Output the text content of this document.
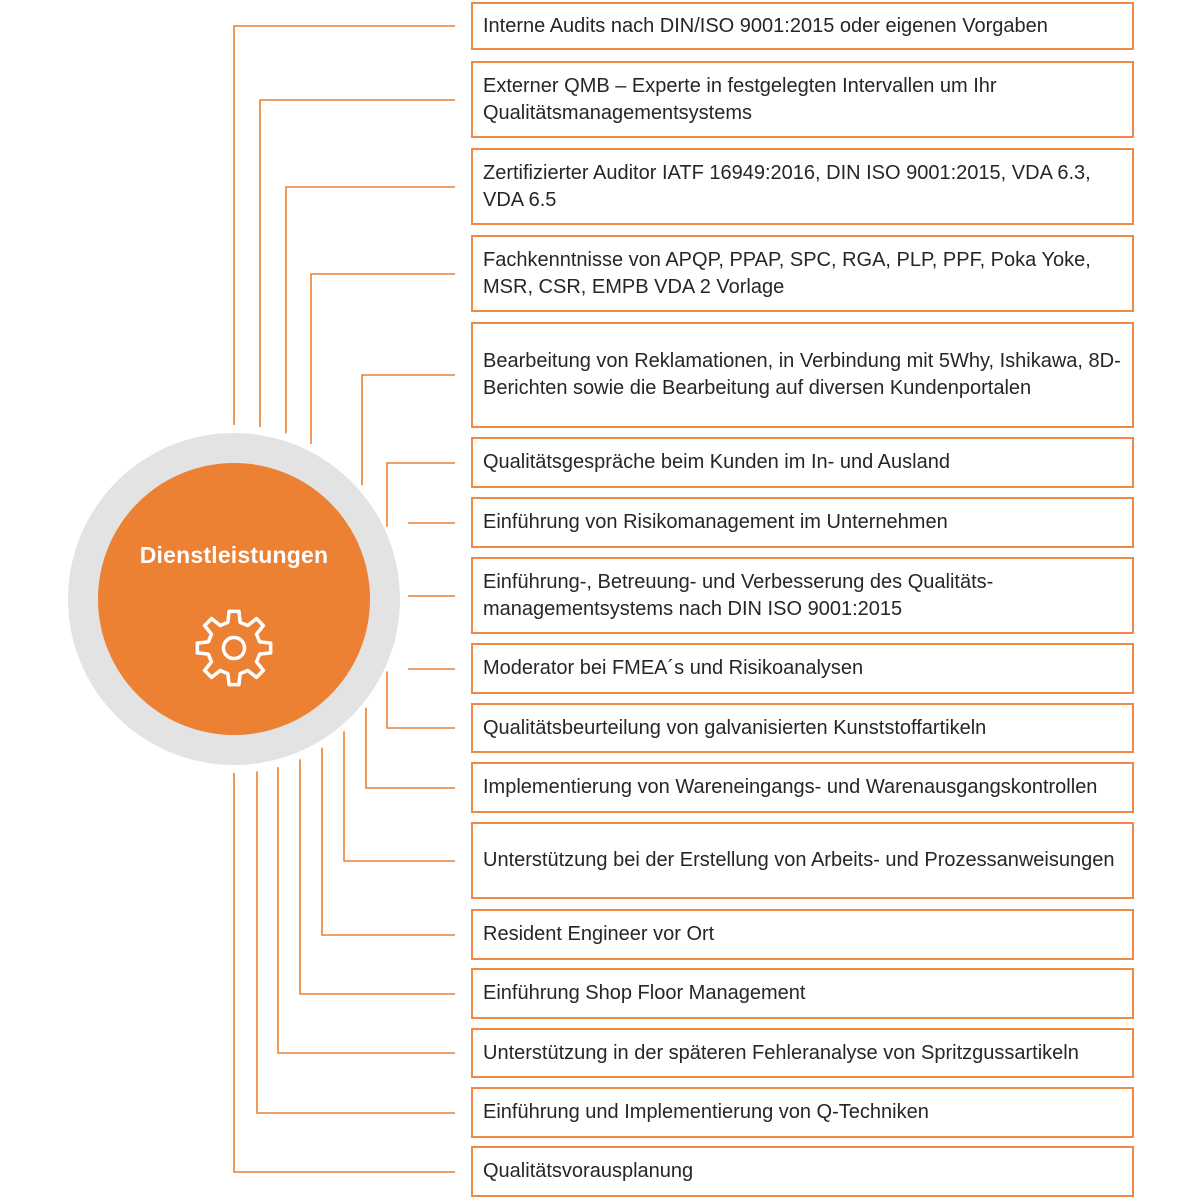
Dienstleistungen
Interne Audits nach DIN/ISO 9001:2015 oder eigenen Vorgaben
Externer QMB – Experte in festgelegten Intervallen um Ihr Qualitätsmanagementsystems
Zertifizierter Auditor IATF 16949:2016, DIN ISO 9001:2015, VDA 6.3, VDA 6.5
Fachkenntnisse von APQP, PPAP, SPC, RGA, PLP, PPF, Poka Yoke, MSR, CSR, EMPB VDA 2 Vorlage
Bearbeitung von Reklamationen, in Verbindung mit 5Why, Ishikawa, 8D-Berichten sowie die Bearbeitung auf diversen Kundenportalen
Qualitätsgespräche beim Kunden im In- und Ausland
Einführung von Risikomanagement im Unternehmen
Einführung-, Betreuung- und Verbesserung des Qualitäts-managementsystems nach DIN ISO 9001:2015
Moderator bei FMEA´s und Risikoanalysen
Qualitätsbeurteilung von galvanisierten Kunststoffartikeln
Implementierung von Wareneingangs- und Warenausgangskontrollen
Unterstützung bei der Erstellung von Arbeits- und Prozessanweisungen
Resident Engineer vor Ort
Einführung Shop Floor Management
Unterstützung in der späteren Fehleranalyse von Spritzgussartikeln
Einführung und Implementierung von Q-Techniken
Qualitätsvorausplanung
